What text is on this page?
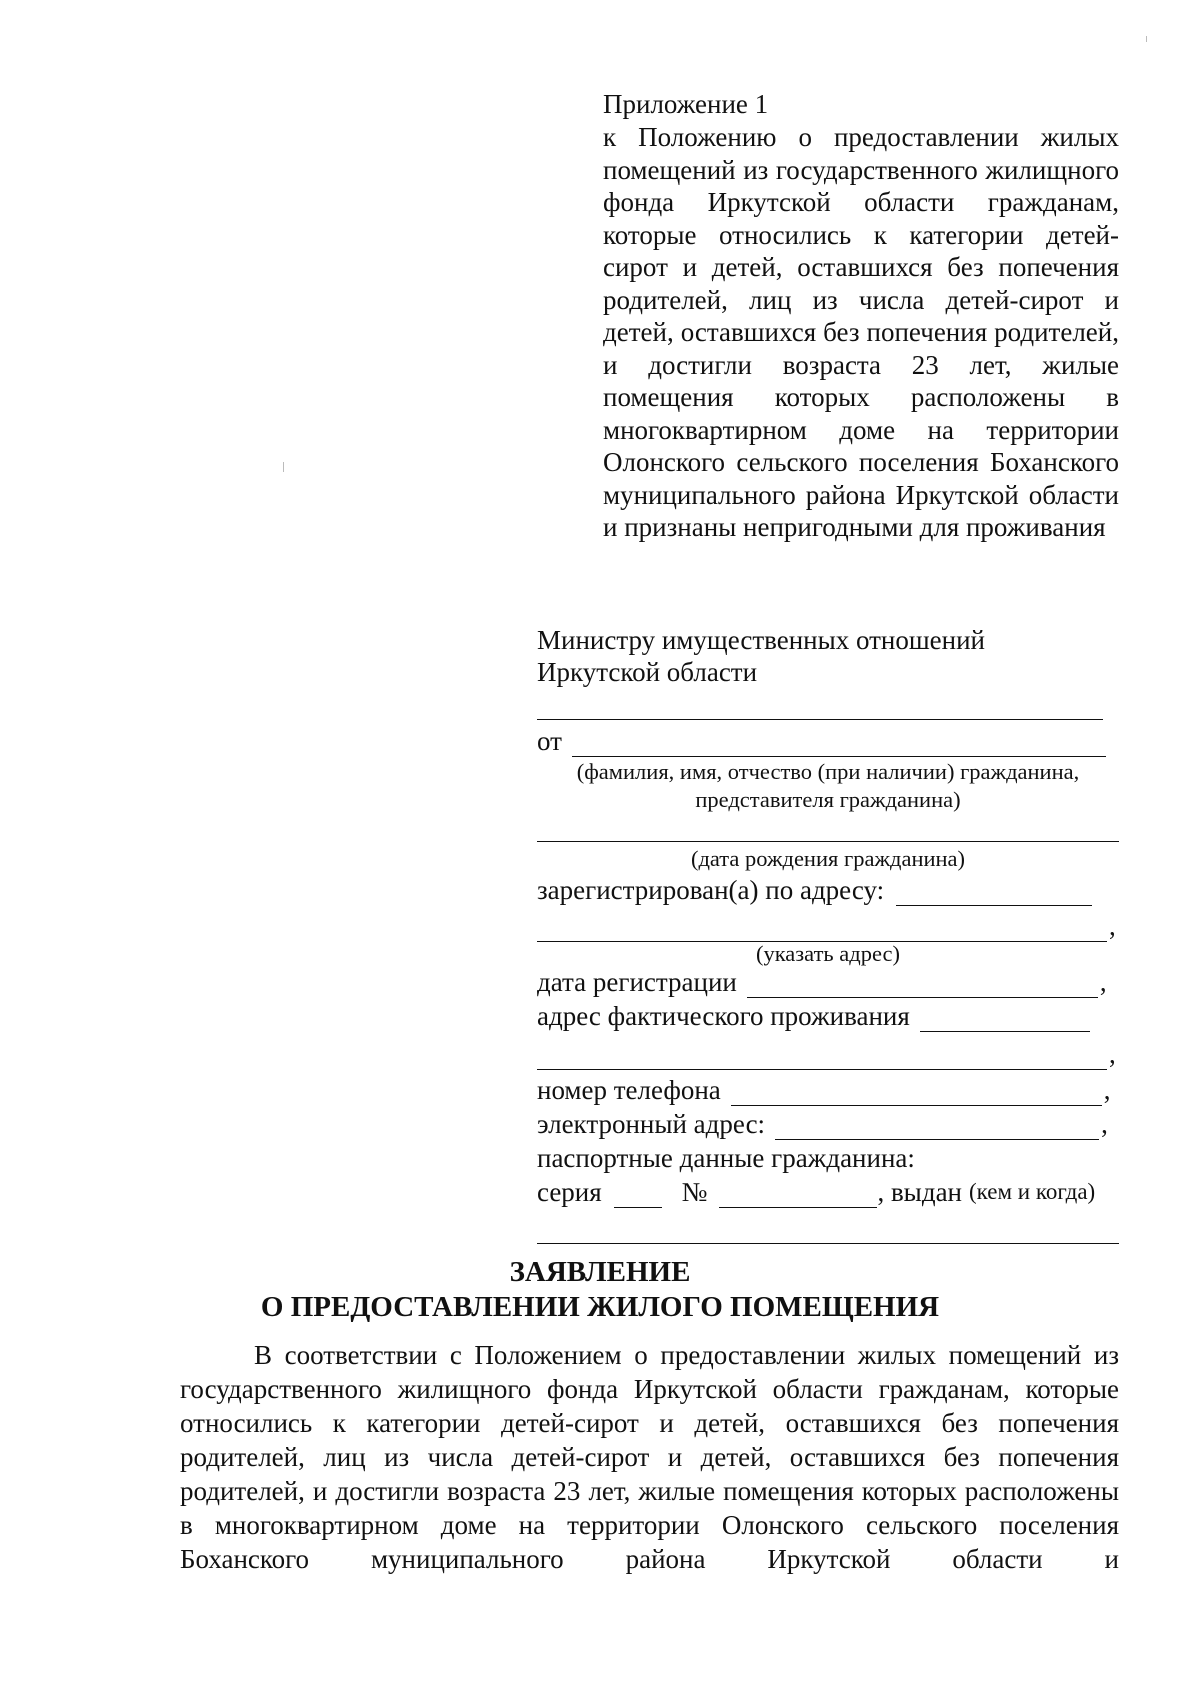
Приложение 1
к Положению о предоставлении жилых помещений из государственного жилищного фонда Иркутской области гражданам, которые относились к категории детей-сирот и детей, оставшихся без попечения родителей, лиц из числа детей-сирот и детей, оставшихся без попечения родителей, и достигли возраста 23 лет, жилые помещения которых расположены в многоквартирном доме на территории Олонского сельского поселения Боханского муниципального района Иркутской области и признаны непригодными для проживания
Министру имущественных отношений
Иркутской области
от
(фамилия, имя, отчество (при наличии) гражданина,
представителя гражданина)
(дата рождения гражданина)
зарегистрирован(а) по адресу:
,
(указать адрес)
дата регистрации	,
адрес фактического проживания
,
номер телефона	,
электронный адрес:	,
паспортные данные гражданина:
серия	№	, выдан (кем и когда)
ЗАЯВЛЕНИЕ
О ПРЕДОСТАВЛЕНИИ ЖИЛОГО ПОМЕЩЕНИЯ
В соответствии с Положением о предоставлении жилых помещений из государственного жилищного фонда Иркутской области гражданам, которые относились к категории детей-сирот и детей, оставшихся без попечения родителей, лиц из числа детей-сирот и детей, оставшихся без попечения родителей, и достигли возраста 23 лет, жилые помещения которых расположены в многоквартирном доме на территории Олонского сельского поселения Боханского муниципального района Иркутской области и
